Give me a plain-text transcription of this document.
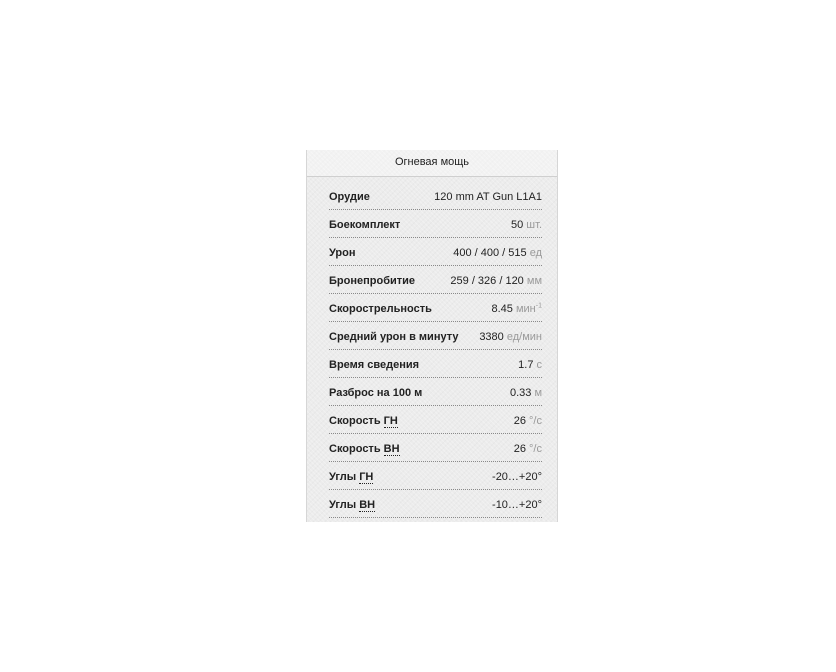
Огневая мощь
Орудие	120 mm AT Gun L1A1
Боекомплект	50 шт.
Урон	400 / 400 / 515 ед
Бронепробитие	259 / 326 / 120 мм
Скорострельность	8.45 мин$^{-1}$
Средний урон в минуту 3380 ед/мин
Время сведения	1.7 с
Разброс на 100 м	0.33 м
Скорость ГН	26 °/с
Скорость ВН	26 °/с
Углы ГН	-20…+20°
Углы ВН	-10…+20°
